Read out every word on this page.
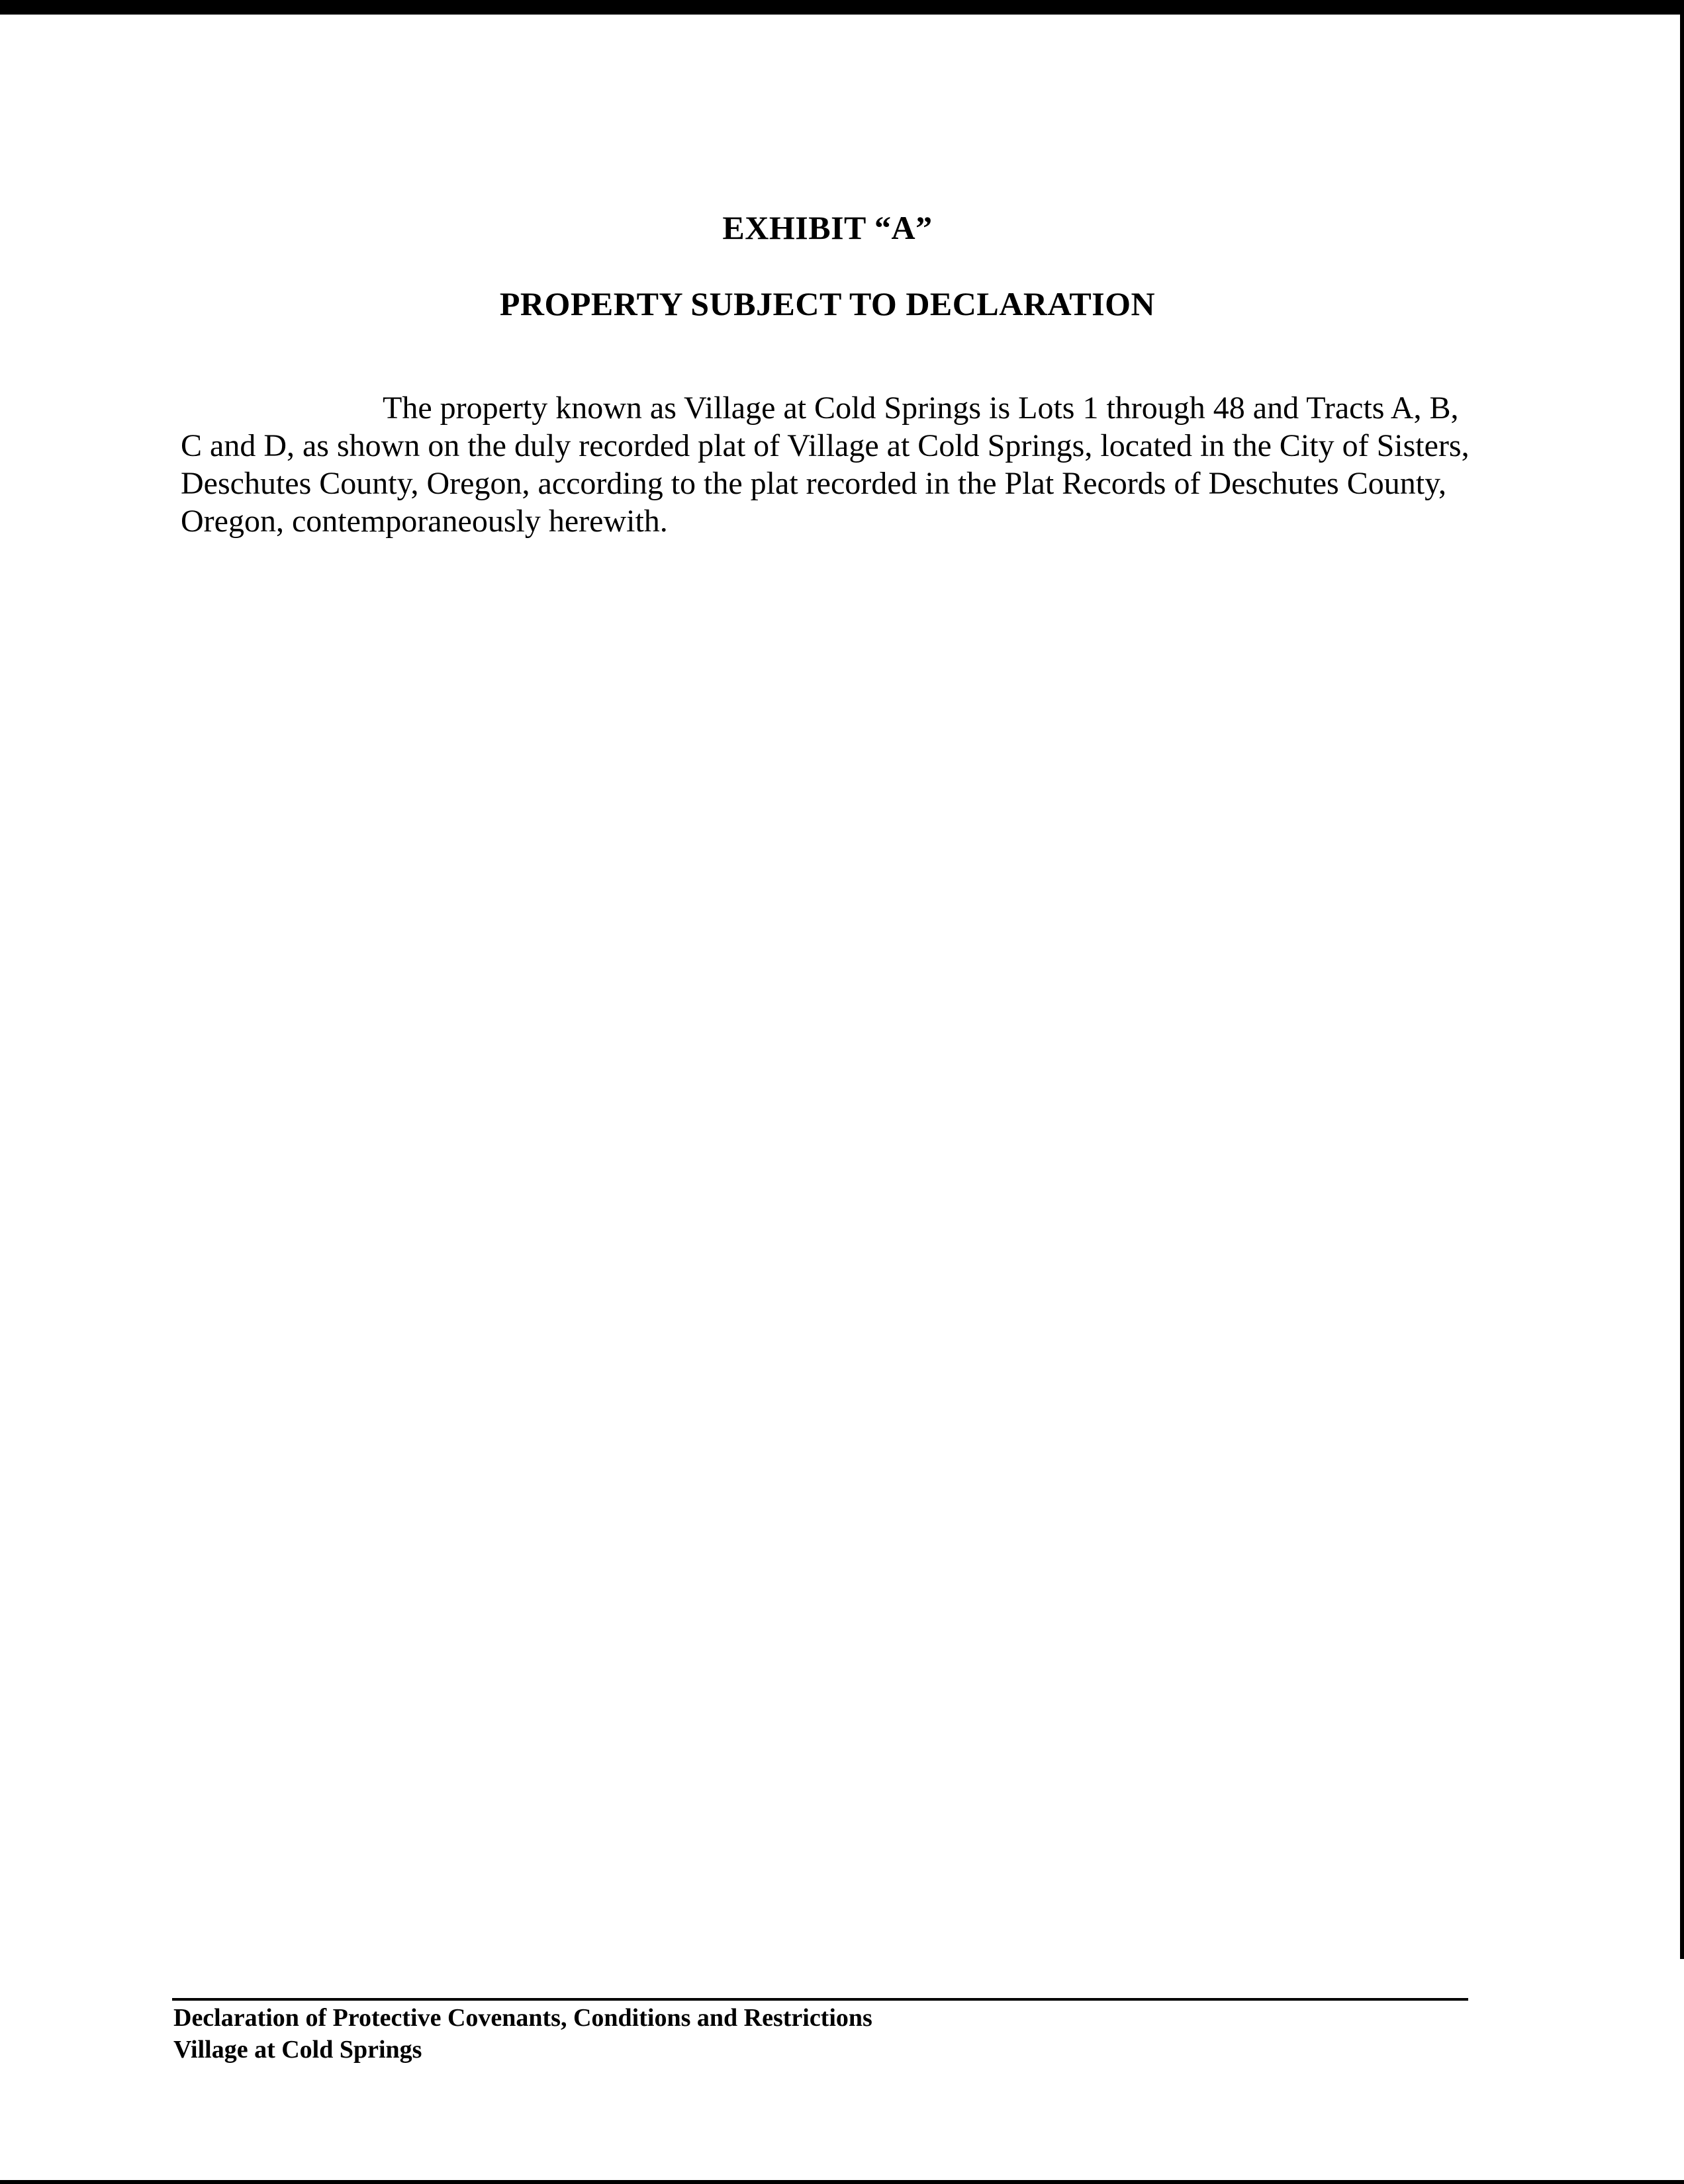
EXHIBIT “A”
PROPERTY SUBJECT TO DECLARATION

The property known as Village at Cold Springs is Lots 1 through 48 and Tracts A, B, C and D, as shown on the duly recorded plat of Village at Cold Springs, located in the City of Sisters, Deschutes County, Oregon, according to the plat recorded in the Plat Records of Deschutes County, Oregon, contemporaneously herewith.

Declaration of Protective Covenants, Conditions and Restrictions
Village at Cold Springs
